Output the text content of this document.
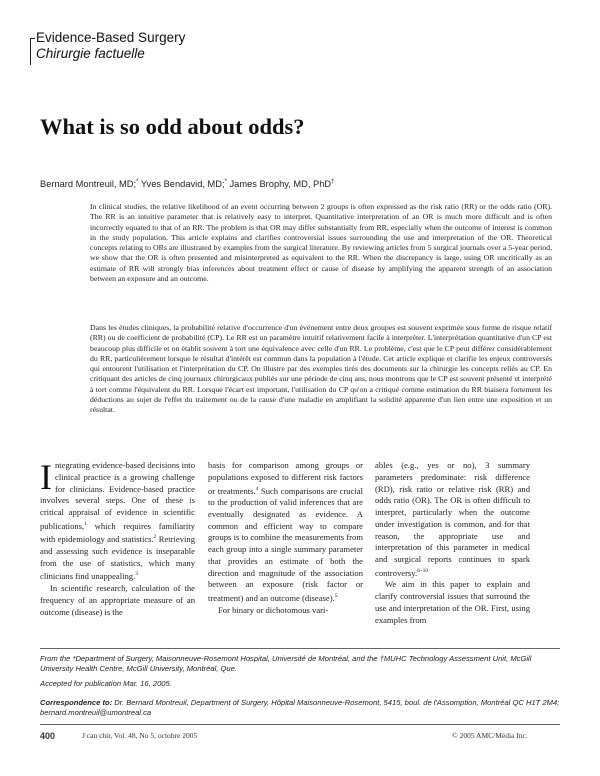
Evidence-Based Surgery
Chirurgie factuelle
What is so odd about odds?
Bernard Montreuil, MD;* Yves Bendavid, MD;* James Brophy, MD, PhD†

In clinical studies, the relative likelihood of an event occurring between 2 groups is often expressed as the risk ratio (RR) or the odds ratio (OR). The RR is an intuitive parameter that is relatively easy to interpret. Quantitative interpretation of an OR is much more difficult and is often incorrectly equated to that of an RR. The problem is that OR may differ substantially from RR, especially when the outcome of interest is common in the study population. This article explains and clarifies controversial issues surrounding the use and interpretation of the OR. Theoretical concepts relating to ORs are illustrated by examples from the surgical literature. By reviewing articles from 5 surgical journals over a 5-year period, we show that the OR is often presented and misinterpreted as equivalent to the RR. When the discrepancy is large, using OR uncritically as an estimate of RR will strongly bias inferences about treatment effect or cause of disease by amplifying the apparent strength of an association between an exposure and an outcome.

Dans les études cliniques, la probabilité relative d'occurrence d'un événement entre deux groupes est souvent exprimée sous forme de risque relatif (RR) ou de coefficient de probabilité (CP). Le RR est un paramètre intuitif relativement facile à interpréter. L'interprétation quantitative d'un CP est beaucoup plus difficile et on établit souvent à tort une équivalence avec celle d'un RR. Le problème, c'est que le CP peut différer considérablement du RR, particulièrement lorsque le résultat d'intérêt est commun dans la population à l'étude. Cet article explique et clarifie les enjeux controversés qui entourent l'utilisation et l'interprétation du CP. On illustre par des exemples tirés des documents sur la chirurgie les concepts reliés au CP. En critiquant des articles de cinq journaux chirurgicaux publiés sur une période de cinq ans, nous montrons que le CP est souvent présenté et interprété à tort comme l'équivalent du RR. Lorsque l'écart est important, l'utilisation du CP qu'on a critiqué comme estimation du RR biaisera fortement les déductions au sujet de l'effet du traitement ou de la cause d'une maladie en amplifiant la solidité apparente d'un lien entre une exposition et un résultat.

Integrating evidence-based decisions into clinical practice is a growing challenge for clinicians. Evidence-based practice involves several steps. One of these is critical appraisal of evidence in scientific publications,$^1$ which requires familiarity with epidemiology and statistics.$^2$ Retrieving and assessing such evidence is inseparable from the use of statistics, which many clinicians find unappealing.$^3$
In scientific research, calculation of the frequency of an appropriate measure of an outcome (disease) is the
basis for comparison among groups or populations exposed to different risk factors or treatments.$^4$ Such comparisons are crucial to the production of valid inferences that are eventually designated as evidence. A common and efficient way to compare groups is to combine the measurements from each group into a single summary parameter that provides an estimate of both the direction and magnitude of the association between an exposure (risk factor or treatment) and an outcome (disease).$^5$
For binary or dichotomous vari-
ables (e.g., yes or no), 3 summary parameters predominate: risk difference (RD), risk ratio or relative risk (RR) and odds ratio (OR). The OR is often difficult to interpret, particularly when the outcome under investigation is common, and for that reason, the appropriate use and interpretation of this parameter in medical and surgical reports continues to spark controversy.$^{6-10}$
We aim in this paper to explain and clarify controversial issues that surround the use and interpretation of the OR. First, using examples from
From the *Department of Surgery, Maisonneuve-Rosemont Hospital, Université de Montréal, and the †MUHC Technology Assessment Unit, McGill University Health Centre, McGill University, Montréal, Que.
Accepted for publication Mar. 16, 2005.
Correspondence to: Dr. Bernard Montreuil, Department of Surgery, Hôpital Maisonneuve-Rosemont, 5415, boul. de l'Assomption, Montréal QC H1T 2M4; bernard.montreuil@umontreal.ca
400	J can chir, Vol. 48, No 5, octobre 2005	© 2005 AMC/Média Inc.
